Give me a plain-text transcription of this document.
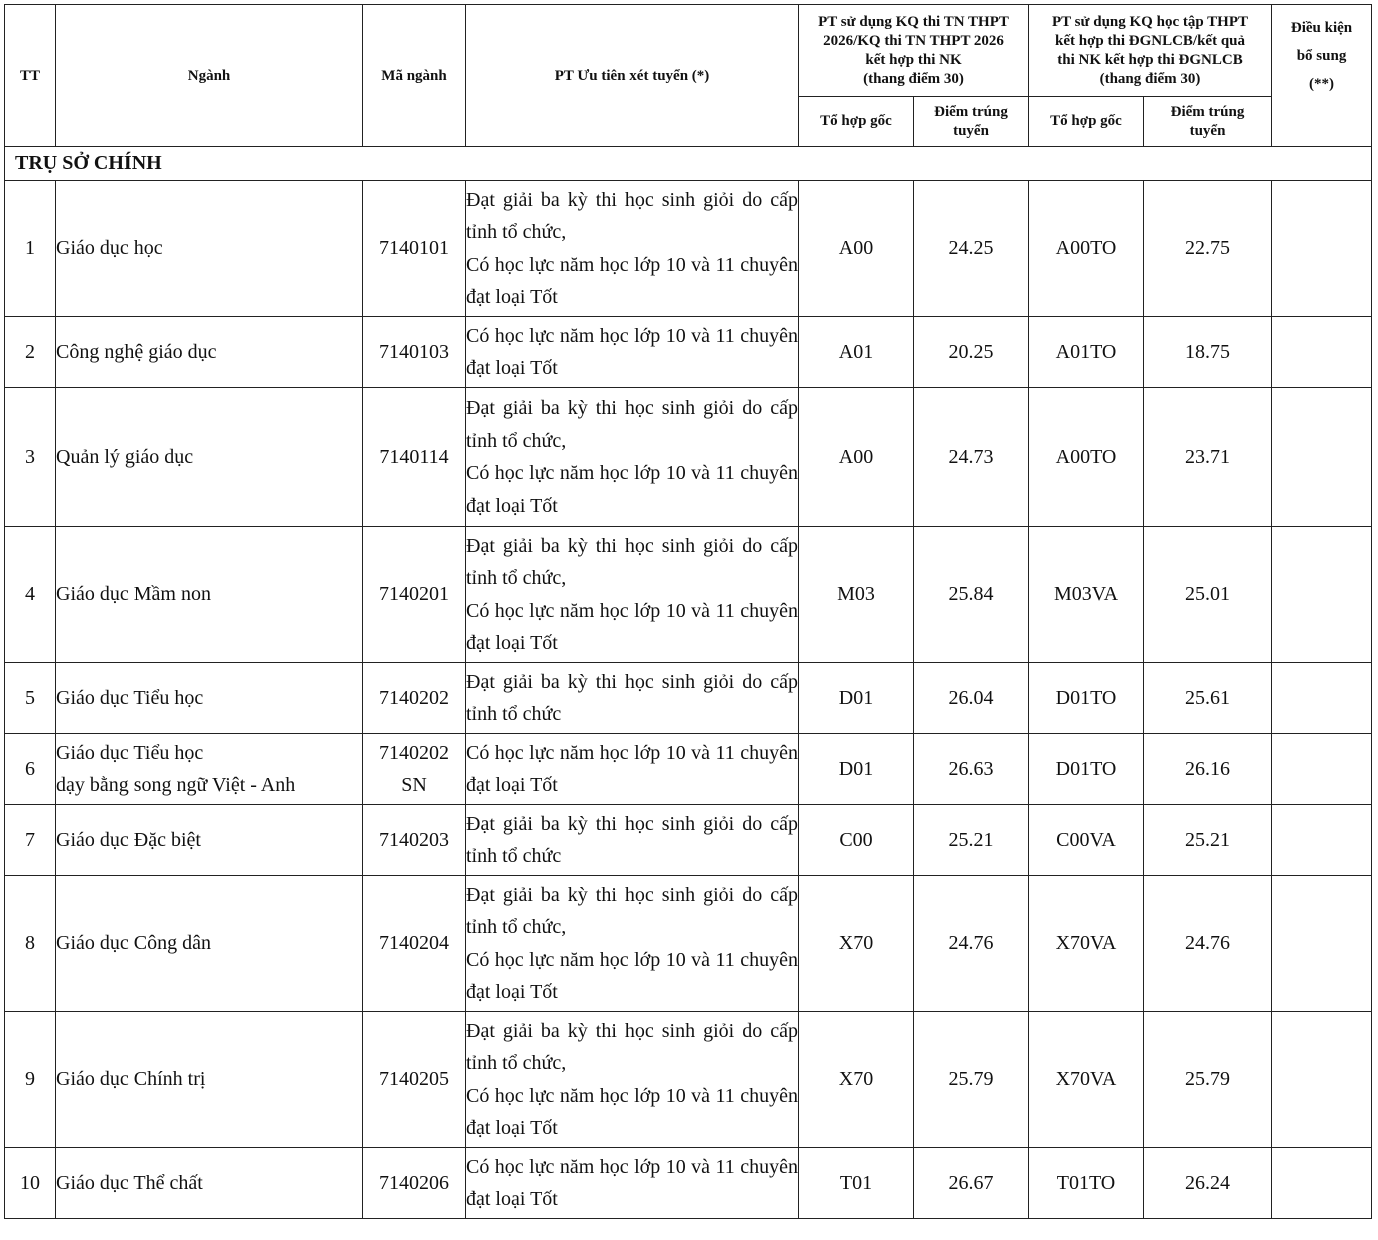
TT	Ngành	Mã ngành	PT Ưu tiên xét tuyển (*)	PT sử dụng KQ thi TN THPT
2026/KQ thi TN THPT 2026
kết hợp thi NK
(thang điểm 30)		PT sử dụng KQ học tập THPT
kết hợp thi ĐGNLCB/kết quả
thi NK kết hợp thi ĐGNLCB
(thang điểm 30)		Điều kiện
bổ sung
(**)

				Tổ hợp gốc	Điểm trúng
tuyển	Tổ hợp gốc	Điểm trúng
tuyển	

TRỤ SỞ CHÍNH								
1	Giáo dục học	7140101	Đạt giải ba kỳ thi học sinh giỏi do cấp tỉnh tổ chức,
Có học lực năm học lớp 10 và 11 chuyên đạt loại Tốt	A00	24.25	A00TO	22.75	
2	Công nghệ giáo dục	7140103	Có học lực năm học lớp 10 và 11 chuyên đạt loại Tốt	A01	20.25	A01TO	18.75	
3	Quản lý giáo dục	7140114	Đạt giải ba kỳ thi học sinh giỏi do cấp tỉnh tổ chức,
Có học lực năm học lớp 10 và 11 chuyên đạt loại Tốt	A00	24.73	A00TO	23.71	
4	Giáo dục Mầm non	7140201	Đạt giải ba kỳ thi học sinh giỏi do cấp tỉnh tổ chức,
Có học lực năm học lớp 10 và 11 chuyên đạt loại Tốt	M03	25.84	M03VA	25.01	
5	Giáo dục Tiểu học	7140202	Đạt giải ba kỳ thi học sinh giỏi do cấp tỉnh tổ chức	D01	26.04	D01TO	25.61	
6	Giáo dục Tiểu học
dạy bằng song ngữ Việt - Anh	7140202
SN	Có học lực năm học lớp 10 và 11 chuyên đạt loại Tốt	D01	26.63	D01TO	26.16	
7	Giáo dục Đặc biệt	7140203	Đạt giải ba kỳ thi học sinh giỏi do cấp tỉnh tổ chức	C00	25.21	C00VA	25.21	
8	Giáo dục Công dân	7140204	Đạt giải ba kỳ thi học sinh giỏi do cấp tỉnh tổ chức,
Có học lực năm học lớp 10 và 11 chuyên đạt loại Tốt	X70	24.76	X70VA	24.76	
9	Giáo dục Chính trị	7140205	Đạt giải ba kỳ thi học sinh giỏi do cấp tỉnh tổ chức,
Có học lực năm học lớp 10 và 11 chuyên đạt loại Tốt	X70	25.79	X70VA	25.79	
10	Giáo dục Thể chất	7140206	Có học lực năm học lớp 10 và 11 chuyên đạt loại Tốt	T01	26.67	T01TO	26.24	
